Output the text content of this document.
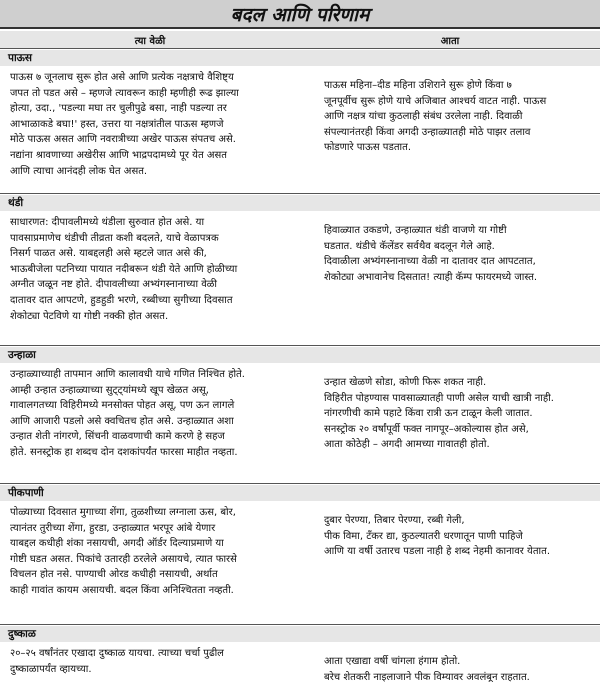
बदल आणि परिणाम
त्या वेळी	आता
पाऊस
पाऊस ७ जूनलाच सुरू होत असे आणि प्रत्येक नक्षत्राचे वैशिष्ट्य
जपत तो पडत असे – म्हणजे त्यावरून काही म्हणीही रूढ झाल्या
होत्या, उदा., 'पडल्या मघा तर चुलीपुढे बसा, नाही पडल्या तर
आभाळाकडे बघा!' हस्त, उत्तरा या नक्षत्रांतील पाऊस म्हणजे
मोठे पाऊस असत आणि नवरात्रीच्या अखेर पाऊस संपतच असे.
नद्यांना श्रावणाच्या अखेरीस आणि भाद्रपदामध्ये पूर येत असत
आणि त्याचा आनंदही लोक घेत असत.
पाऊस महिना–दीड महिना उशिराने सुरू होणे किंवा ७
जूनपूर्वीच सुरू होणे याचे अजिबात आश्चर्य वाटत नाही. पाऊस
आणि नक्षत्र यांचा कुठलाही संबंध उरलेला नाही. दिवाळी
संपल्यानंतरही किंवा अगदी उन्हाळ्यातही मोठे पाझर तलाव
फोडणारे पाऊस पडतात.
थंडी
साधारणत: दीपावलीमध्ये थंडीला सुरुवात होत असे. या
पावसाप्रमाणेच थंडीची तीव्रता कशी बदलते, याचे वेळापत्रक
निसर्ग पाळत असे. याबद्दलही असे म्हटले जात असे की,
भाऊबीजेला पटनिच्या पायात नदीबरून थंडी येते आणि होळीच्या
अग्नीत जळून नष्ट होते. दीपावलीच्या अभ्यंगस्नानाच्या वेळी
दातावर दात आपटणे, हुडहुडी भरणे, रब्बीच्या सुगीच्या दिवसात
शेकोट्या पेटविणे या गोष्टी नक्की होत असत.
हिवाळ्यात उकडणे, उन्हाळ्यात थंडी वाजणे या गोष्टी
घडतात. थंडीचे कॅलेंडर सर्वथैव बदलून गेले आहे.
दिवाळीला अभ्यंगस्नानाच्या वेळी ना दातावर दात आपटतात,
शेकोट्या अभावानेच दिसतात! त्याही कॅम्प फायरमध्ये जास्त.
उन्हाळा
उन्हाळ्याच्याही तापमान आणि कालावधी याचे गणित निश्चित होते.
आम्ही उन्हात उन्हाळ्याच्या सुट्ट्यांमध्ये खूप खेळत असू,
गावालगतच्या विहिरीमध्ये मनसोक्त पोहत असू, पण ऊन लागले
आणि आजारी पडलो असे क्वचितच होत असे. उन्हाळ्यात अशा
उन्हात शेती नांगरणे, सिंचनी वाळवणाची कामे करणे हे सहज
होते. सनस्ट्रोक हा शब्दच दोन दशकांपर्यंत फारसा माहीत नव्हता.
उन्हात खेळणे सोडा, कोणी फिरू शकत नाही.
विहिरीत पोहण्यास पावसाळ्यातही पाणी असेल याची खात्री नाही.
नांगरणीची कामे पहाटे किंवा रात्री ऊन टाळून केली जातात.
सनस्ट्रोक २० वर्षांपूर्वी फक्त नागपूर–अकोल्यास होत असे,
आता कोठेही – अगदी आमच्या गावातही होतो.
पीकपाणी
पोळ्याच्या दिवसात मुगाच्या शेंगा, तुळशीच्या लग्नाला ऊस, बोर,
त्यानंतर तुरीच्या शेंगा, हुरडा, उन्हाळ्यात भरपूर आंबे येणार
याबद्दल कधीही शंका नसायची, अगदी ऑर्डर दिल्याप्रमाणे या
गोष्टी घडत असत. पिकांचे उतारही ठरलेले असायचे, त्यात फारसे
विचलन होत नसे. पाण्याची ओरड कधीही नसायची, अर्थात
काही गावांत कायम असायची. बदल किंवा अनिश्चितता नव्हती.
दुबार पेरण्या, तिबार पेरण्या, रब्बी गेली,
पीक विमा, टँकर द्या, कुठल्यातरी धरणातून पाणी पाहिजे
आणि या वर्षी उतारच पडला नाही हे शब्द नेहमी कानावर येतात.
दुष्काळ
२०–२५ वर्षांनंतर एखादा दुष्काळ यायचा. त्याच्या चर्चा पुढील
दुष्काळापर्यंत व्हायच्या.
आता एखाद्या वर्षी चांगला हंगाम होतो.
बरेच शेतकरी नाइलाजाने पीक विम्यावर अवलंबून राहतात.
